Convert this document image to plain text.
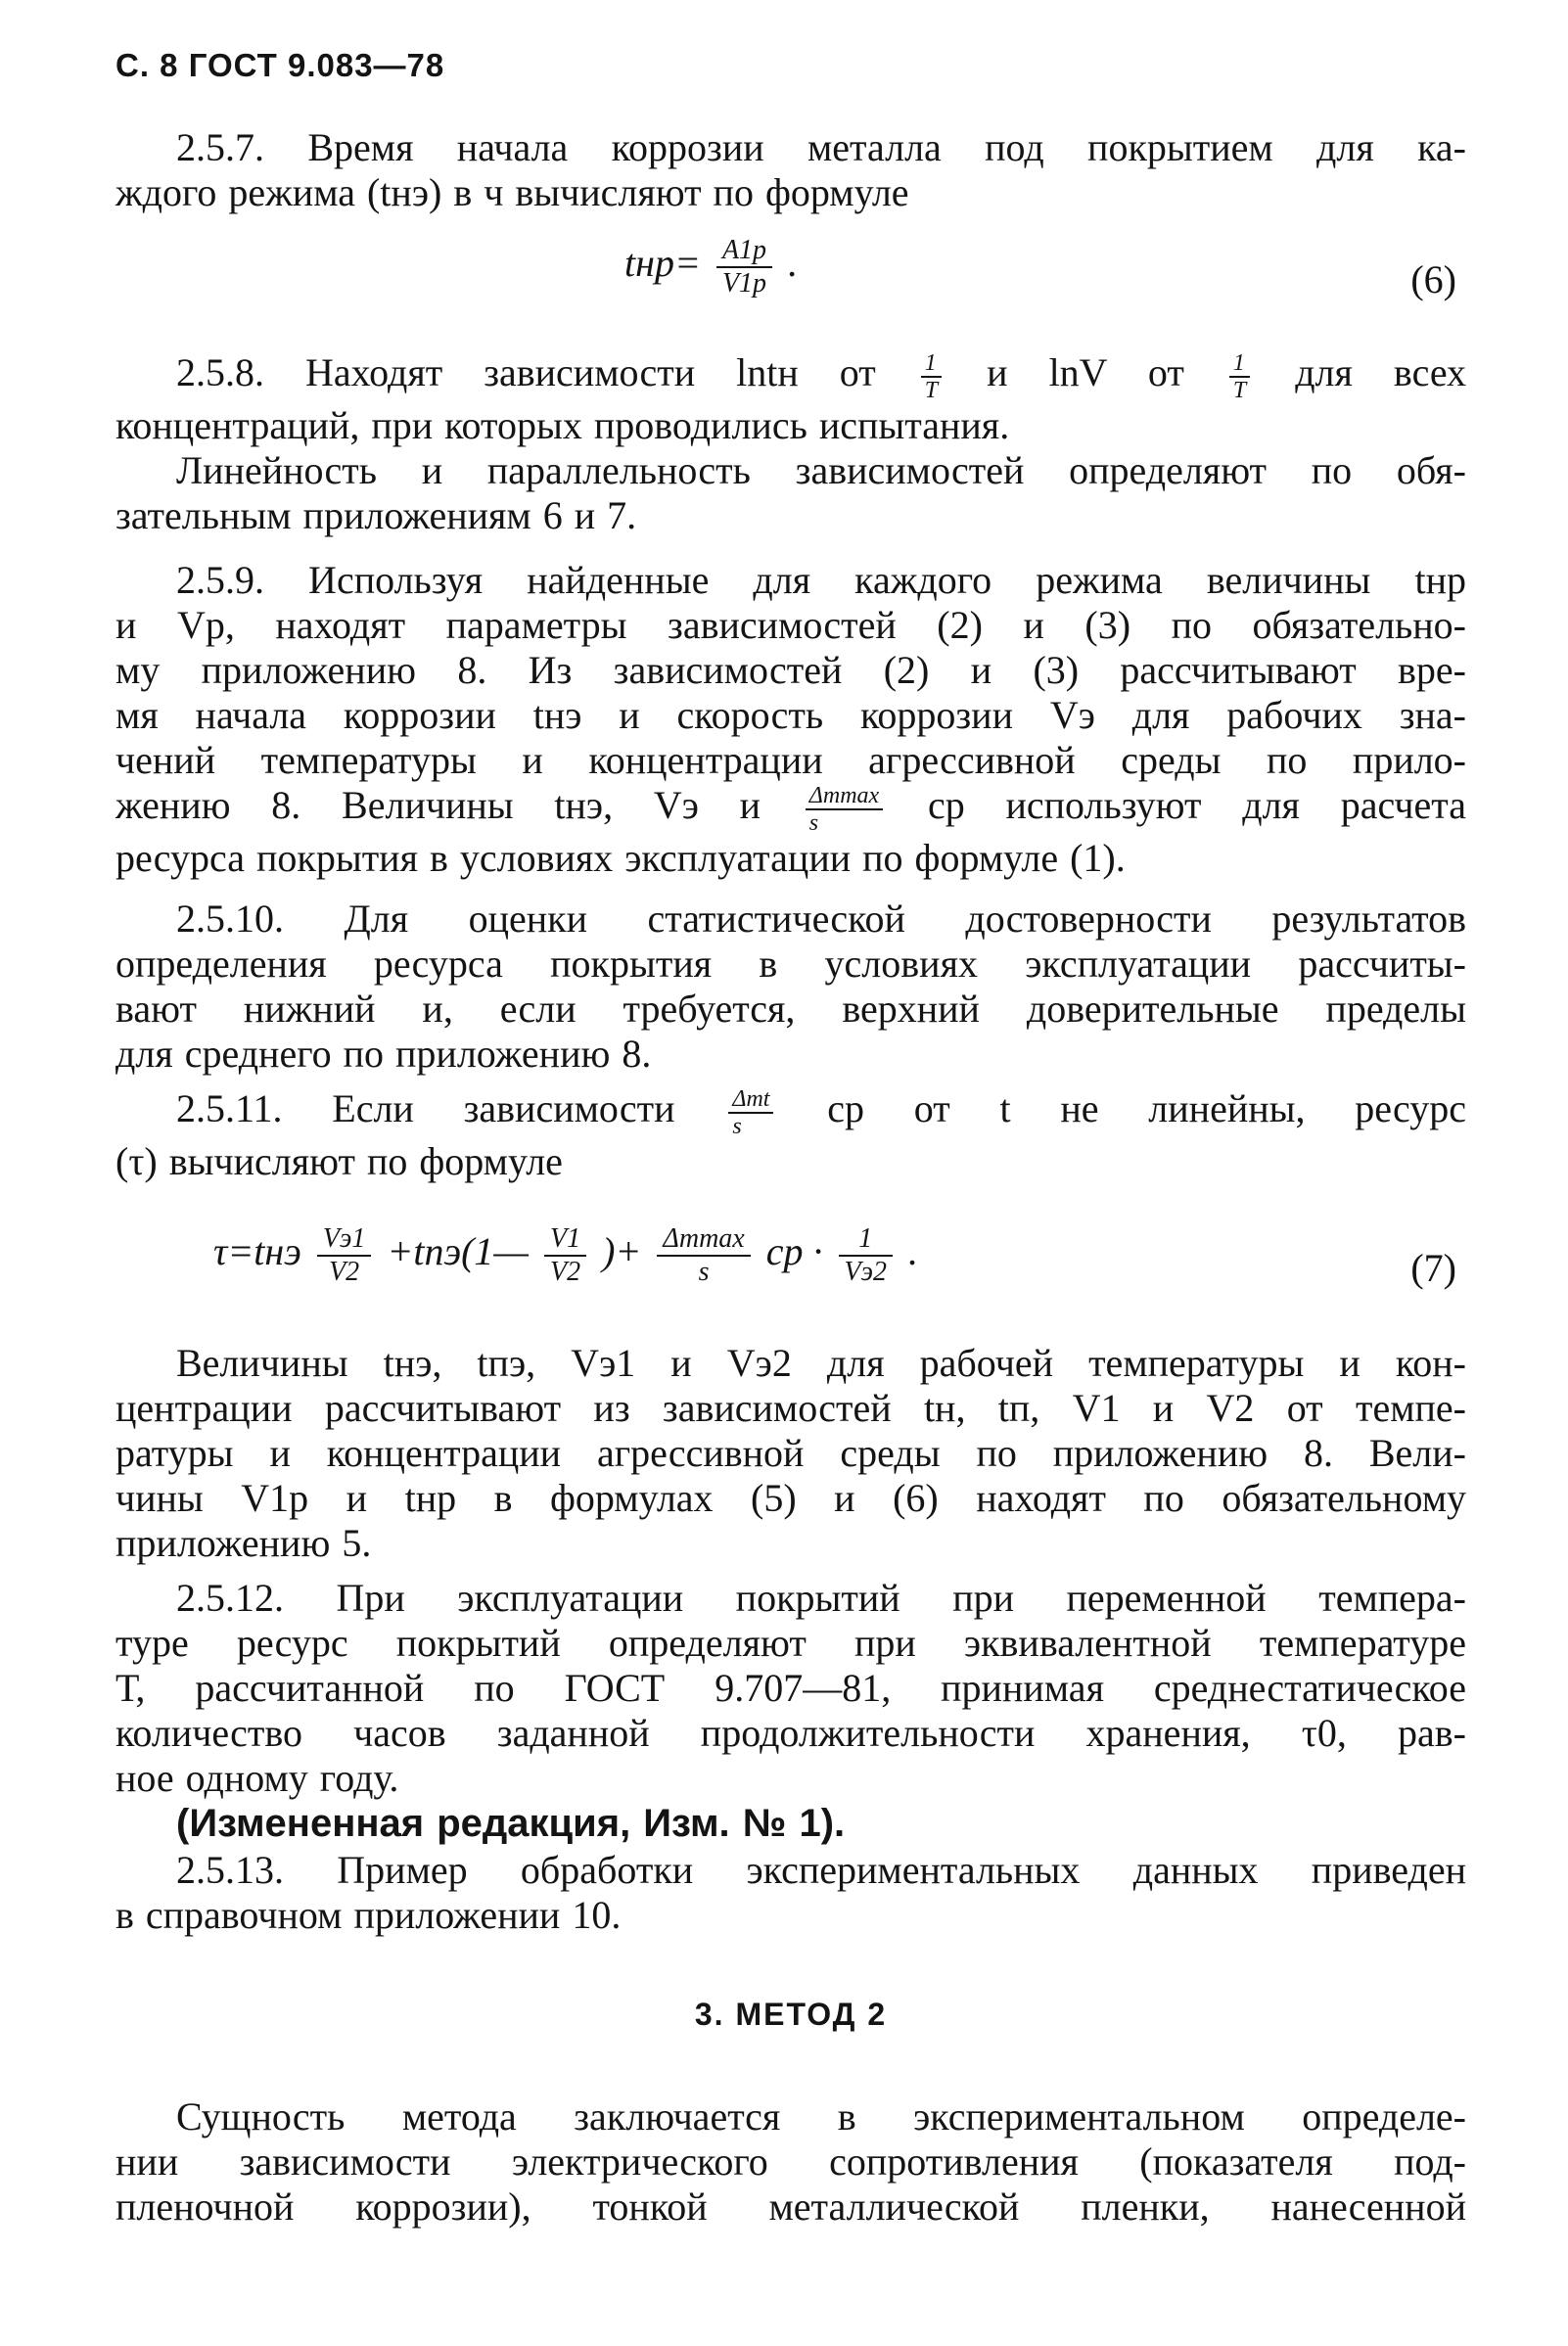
С. 8 ГОСТ 9.083—78
2.5.7. Время начала коррозии металла под покрытием для ка-
ждого режима (tнэ) в ч вычисляют по формуле
$tнр= \frac{A1р}{V1р}$ .	(6)
2.5.8. Находят зависимости lntн от $\frac{1}{T}$ и lnV от $\frac{1}{T}$ для всех
концентраций, при которых проводились испытания.
Линейность и параллельность зависимостей определяют по обя-
зательным приложениям 6 и 7.
2.5.9. Используя найденные для каждого режима величины tнр
и Vр, находят параметры зависимостей (2) и (3) по обязательно-
му приложению 8. Из зависимостей (2) и (3) рассчитывают вре-
мя начала коррозии tнэ и скорость коррозии Vэ для рабочих зна-
чений температуры и концентрации агрессивной среды по прило-
жению 8. Величины tнэ, Vэ и $\frac{\Delta mmax}{s}$ ср используют для расчета
ресурса покрытия в условиях эксплуатации по формуле (1).
2.5.10. Для оценки статистической достоверности результатов
определения ресурса покрытия в условиях эксплуатации рассчиты-
вают нижний и, если требуется, верхний доверительные пределы
для среднего по приложению 8.
2.5.11. Если зависимости $\frac{\text{Δmt}}{s}$ ср от t не линейны, ресурс
(τ) вычисляют по формуле
$\tau=tнэ \frac{Vэ1}{V2}$ +tпэ(1— $\frac{V1}{V2}$ )+ $\frac{\Delta mmax}{s}$ ср · $\frac{1}{Vэ2}$ .	(7)
Величины tнэ, tпэ, Vэ1 и Vэ2 для рабочей температуры и кон-
центрации рассчитывают из зависимостей tн, tп, V1 и V2 от темпе-
ратуры и концентрации агрессивной среды по приложению 8. Вели-
чины V1р и tнр в формулах (5) и (6) находят по обязательному
приложению 5.
2.5.12. При эксплуатации покрытий при переменной темпера-
туре ресурс покрытий определяют при эквивалентной температуре
Т, рассчитанной по ГОСТ 9.707—81, принимая среднестатическое
количество часов заданной продолжительности хранения, τ0, рав-
ное одному году.
(Измененная редакция, Изм. № 1).
2.5.13. Пример обработки экспериментальных данных приведен
в справочном приложении 10.
3. МЕТОД 2
Сущность метода заключается в экспериментальном определе-
нии зависимости электрического сопротивления (показателя под-
пленочной коррозии), тонкой металлической пленки, нанесенной
